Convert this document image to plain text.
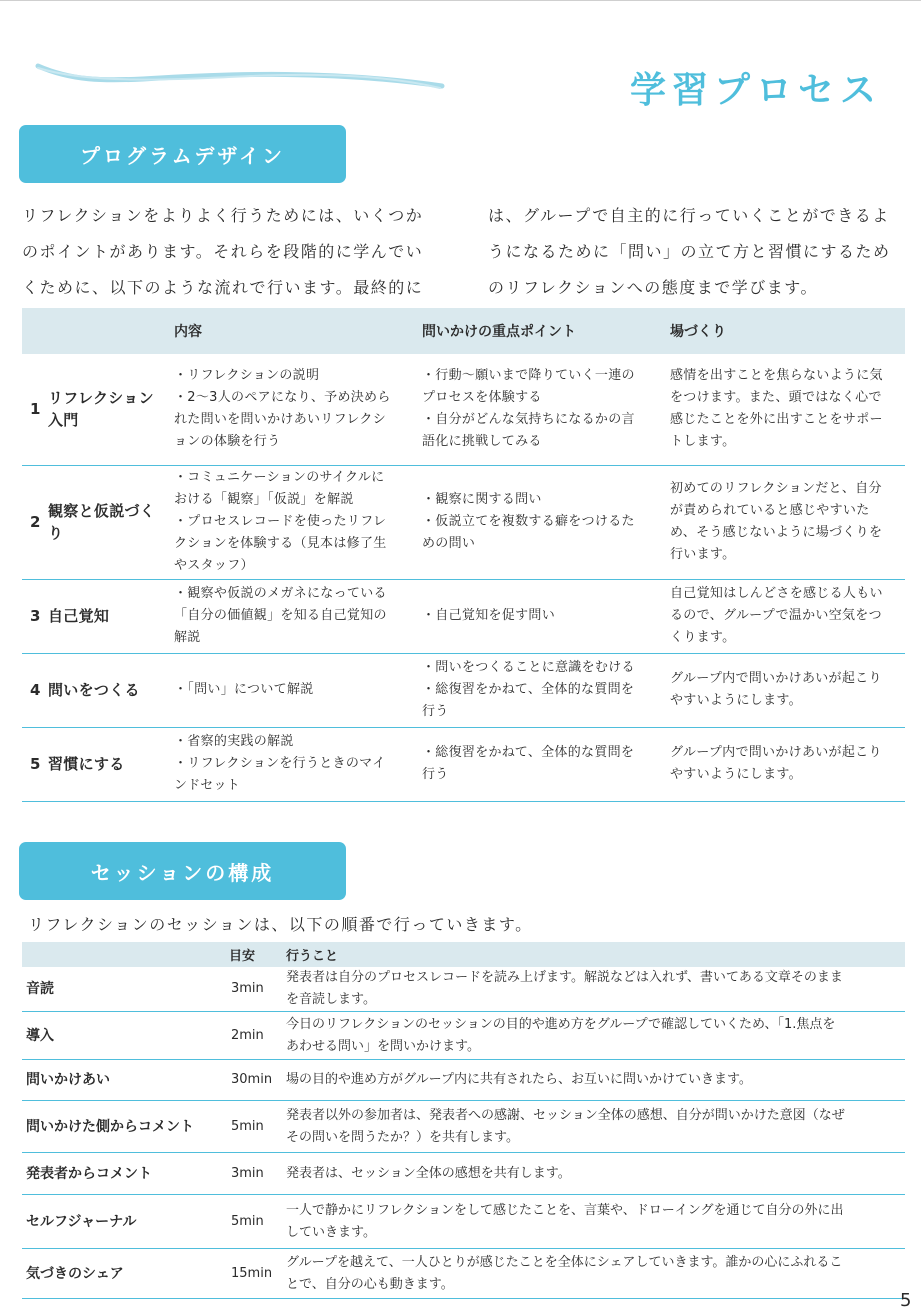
学習プロセス
プログラムデザイン

リフレクションをよりよく行うためには、いくつか

のポイントがあります。それらを段階的に学んでい

くために、以下のような流れで行います。最終的に

は、グループで自主的に行っていくことができるよ

うになるために「問い」の立て方と習慣にするため

のリフレクションへの態度まで学びます。

		内容	問いかけの重点ポイント	場づくり
1	リフレクション
入門	・リフレクションの説明
・2〜3人のペアになり、予め決めら
れた問いを問いかけあいリフレクシ
ョンの体験を行う	・行動〜願いまで降りていく一連の
プロセスを体験する
・自分がどんな気持ちになるかの言
語化に挑戦してみる	感情を出すことを焦らないように気
をつけます。また、頭ではなく心で
感じたことを外に出すことをサポー
トします。

2	観察と仮説づく
り	・コミュニケーションのサイクルに
おける「観察」「仮説」を解説
・プロセスレコードを使ったリフレ
クションを体験する（見本は修了生
やスタッフ）	・観察に関する問い
・仮説立てを複数する癖をつけるた
めの問い	初めてのリフレクションだと、自分
が責められていると感じやすいた
め、そう感じないように場づくりを
行います。

3	自己覚知	・観察や仮説のメガネになっている
「自分の価値観」を知る自己覚知の
解説	・自己覚知を促す問い	自己覚知はしんどさを感じる人もい
るので、グループで温かい空気をつ
くります。

4	問いをつくる	・「問い」について解説	・問いをつくることに意識をむける
・総復習をかねて、全体的な質問を
行う	グループ内で問いかけあいが起こり
やすいようにします。

5	習慣にする	・省察的実践の解説
・リフレクションを行うときのマイ
ンドセット	・総復習をかねて、全体的な質問を
行う	グループ内で問いかけあいが起こり
やすいようにします。
セッションの構成
リフレクションのセッションは、以下の順番で行っていきます。
	目安	行うこと
音読	3min	発表者は自分のプロセスレコードを読み上げます。解説などは入れず、書いてある文章そのまま
を音読します。

導入	2min	今日のリフレクションのセッションの目的や進め方をグループで確認していくため、「1.焦点を
あわせる問い」を問いかけます。

問いかけあい	30min	場の目的や進め方がグループ内に共有されたら、お互いに問いかけていきます。

問いかけた側からコメント	5min	発表者以外の参加者は、発表者への感謝、セッション全体の感想、自分が問いかけた意図（なぜ
その問いを問うたか？）を共有します。

発表者からコメント	3min	発表者は、セッション全体の感想を共有します。

セルフジャーナル	5min	一人で静かにリフレクションをして感じたことを、言葉や、ドローイングを通じて自分の外に出
していきます。

気づきのシェア	15min	グループを越えて、一人ひとりが感じたことを全体にシェアしていきます。誰かの心にふれるこ
とで、自分の心も動きます。
5
